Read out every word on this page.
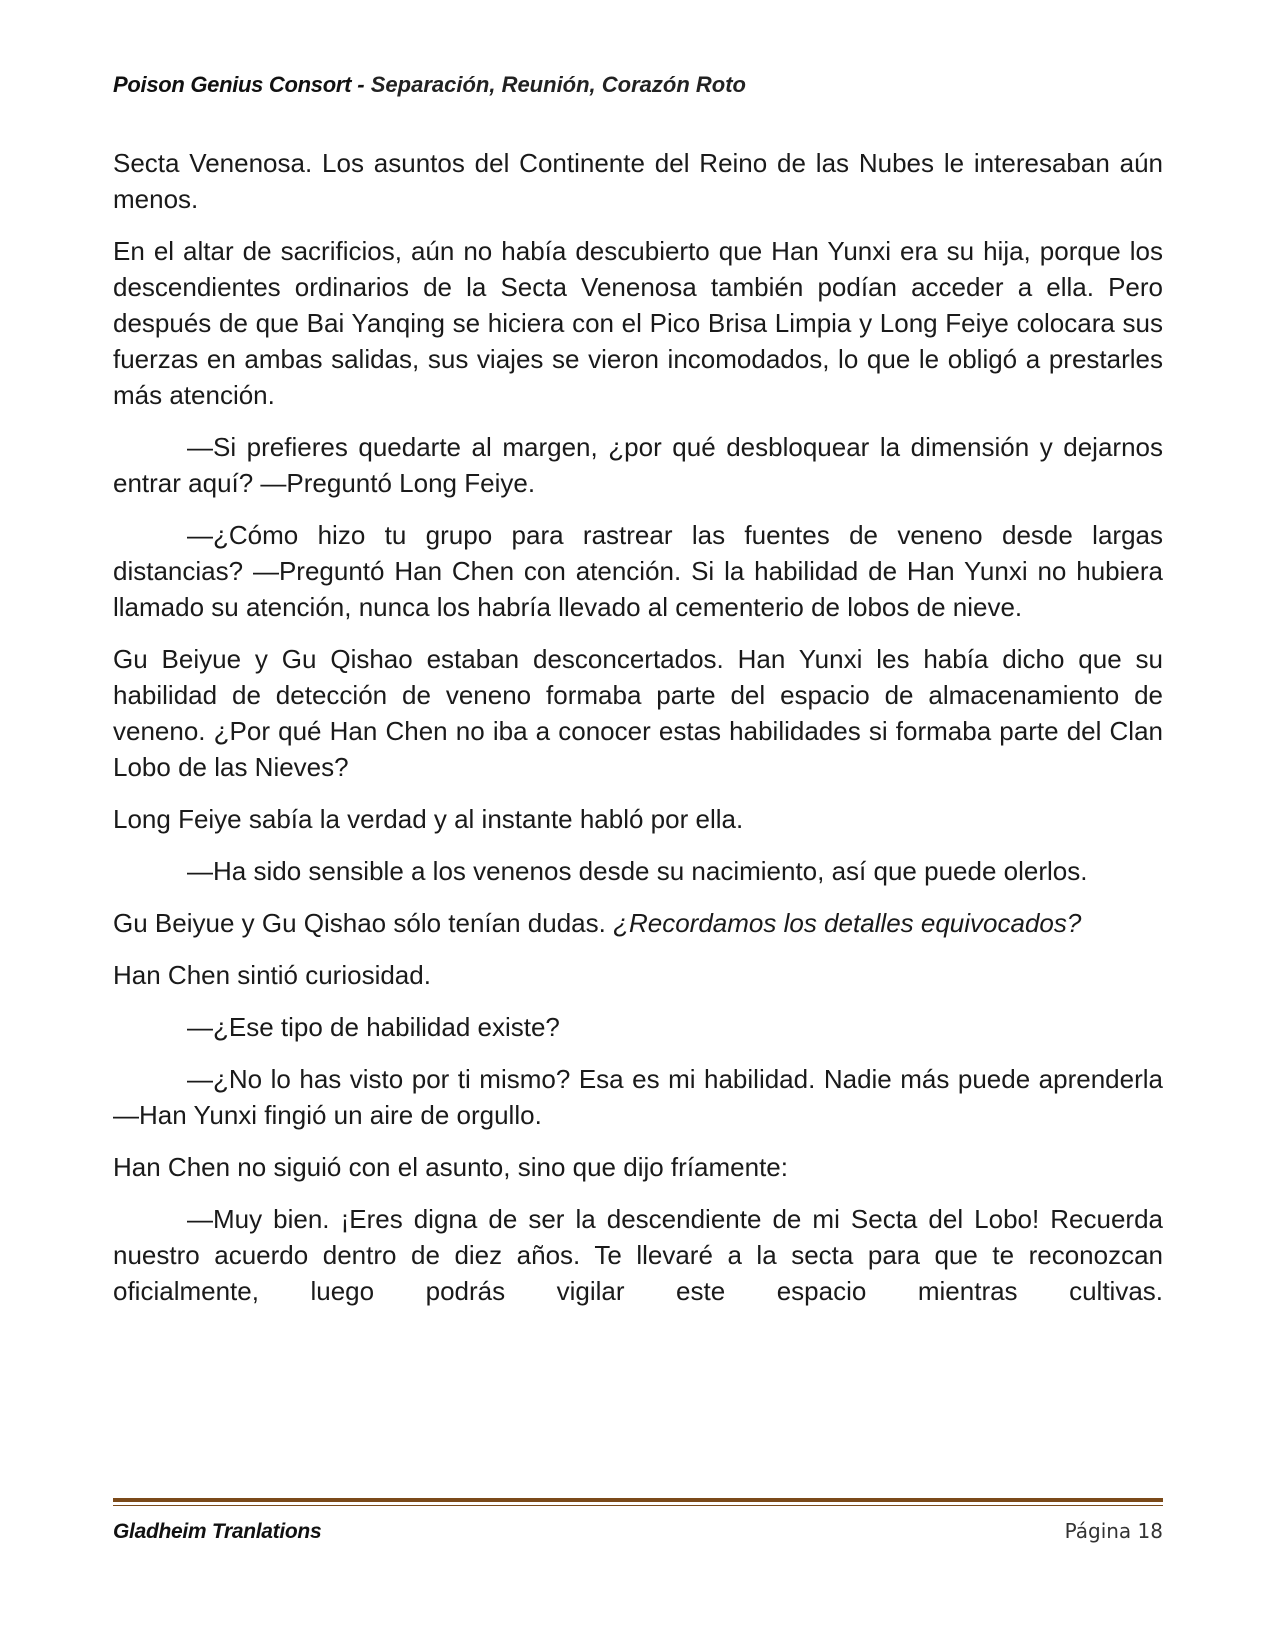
Poison Genius Consort - Separación, Reunión, Corazón Roto

Secta Venenosa. Los asuntos del Continente del Reino de las Nubes le interesaban aún menos.

En el altar de sacrificios, aún no había descubierto que Han Yunxi era su hija, porque los descendientes ordinarios de la Secta Venenosa también podían acceder a ella. Pero después de que Bai Yanqing se hiciera con el Pico Brisa Limpia y Long Feiye colocara sus fuerzas en ambas salidas, sus viajes se vieron incomodados, lo que le obligó a prestarles más atención.

—Si prefieres quedarte al margen, ¿por qué desbloquear la dimensión y dejarnos entrar aquí? —Preguntó Long Feiye.

—¿Cómo hizo tu grupo para rastrear las fuentes de veneno desde largas distancias? —Preguntó Han Chen con atención. Si la habilidad de Han Yunxi no hubiera llamado su atención, nunca los habría llevado al cementerio de lobos de nieve.

Gu Beiyue y Gu Qishao estaban desconcertados. Han Yunxi les había dicho que su habilidad de detección de veneno formaba parte del espacio de almacenamiento de veneno. ¿Por qué Han Chen no iba a conocer estas habilidades si formaba parte del Clan Lobo de las Nieves?

Long Feiye sabía la verdad y al instante habló por ella.

—Ha sido sensible a los venenos desde su nacimiento, así que puede olerlos.

Gu Beiyue y Gu Qishao sólo tenían dudas. ¿Recordamos los detalles equivocados?

Han Chen sintió curiosidad.

—¿Ese tipo de habilidad existe?

—¿No lo has visto por ti mismo? Esa es mi habilidad. Nadie más puede aprenderla —Han Yunxi fingió un aire de orgullo.

Han Chen no siguió con el asunto, sino que dijo fríamente:

—Muy bien. ¡Eres digna de ser la descendiente de mi Secta del Lobo! Recuerda nuestro acuerdo dentro de diez años. Te llevaré a la secta para que te reconozcan oficialmente, luego podrás vigilar este espacio mientras cultivas.

Gladheim Tranlations	Página 18
